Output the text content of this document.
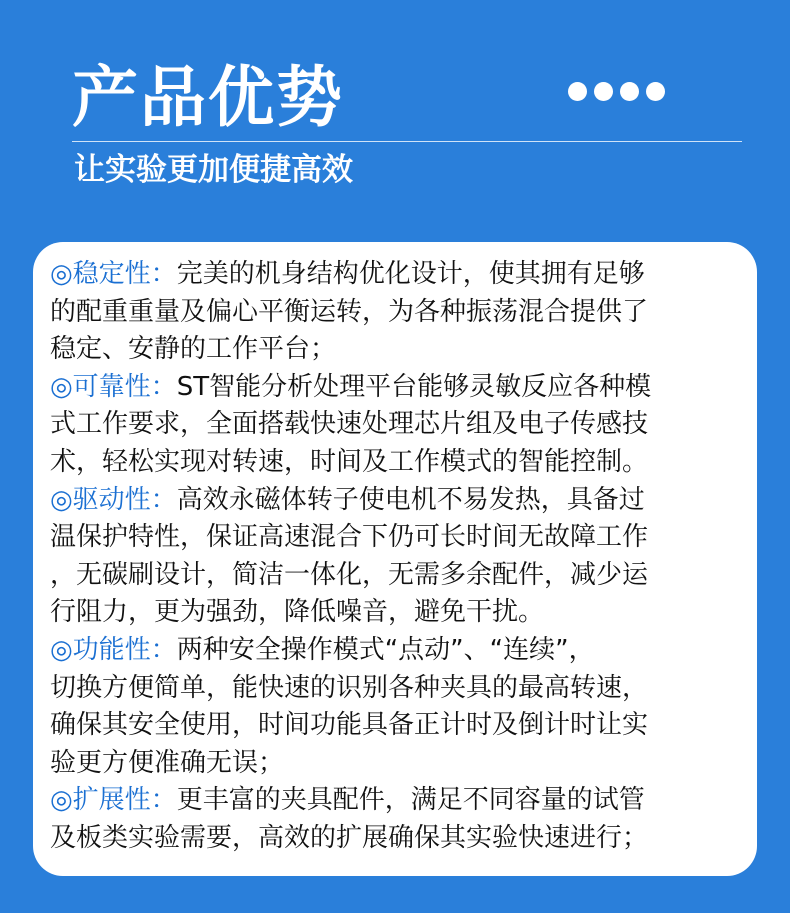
产品优势
让实验更加便捷高效
◎稳定性：完美的机身结构优化设计，使其拥有足够
的配重重量及偏心平衡运转，为各种振荡混合提供了
稳定、安静的工作平台；
◎可靠性：ST智能分析处理平台能够灵敏反应各种模
式工作要求，全面搭载快速处理芯片组及电子传感技
术，轻松实现对转速，时间及工作模式的智能控制。
◎驱动性：高效永磁体转子使电机不易发热，具备过
温保护特性，保证高速混合下仍可长时间无故障工作
，无碳刷设计，简洁一体化，无需多余配件，减少运
行阻力，更为强劲，降低噪音，避免干扰。
◎功能性：两种安全操作模式“点动”、“连续”，
切换方便简单，能快速的识别各种夹具的最高转速，
确保其安全使用，时间功能具备正计时及倒计时让实
验更方便准确无误；
◎扩展性：更丰富的夹具配件，满足不同容量的试管
及板类实验需要，高效的扩展确保其实验快速进行；
